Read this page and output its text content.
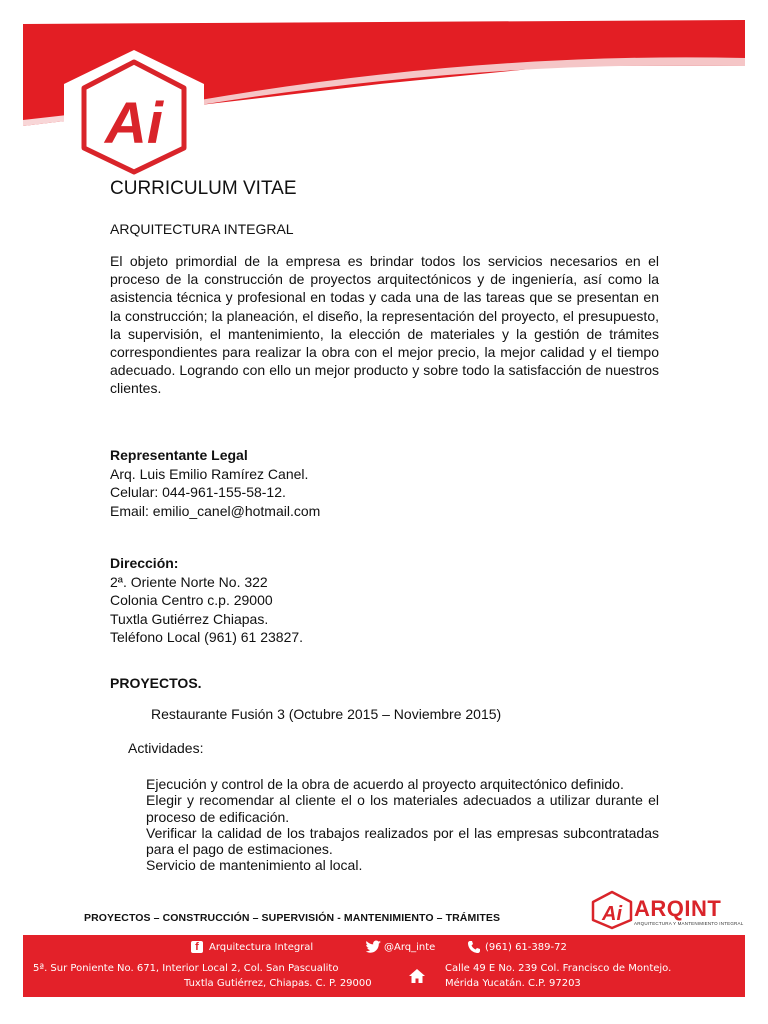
Ai
CURRICULUM VITAE
ARQUITECTURA INTEGRAL
El objeto primordial de la empresa es brindar todos los servicios necesarios en el proceso de la construcción de proyectos arquitectónicos y de ingeniería, así como la asistencia técnica y profesional en todas y cada una de las tareas que se presentan en la construcción; la planeación, el diseño, la representación del proyecto, el presupuesto, la supervisión, el mantenimiento, la elección de materiales y la gestión de trámites correspondientes para realizar la obra con el mejor precio, la mejor calidad y el tiempo adecuado. Logrando con ello un mejor producto y sobre todo la satisfacción de nuestros clientes.
Representante Legal
Arq. Luis Emilio Ramírez Canel.
Celular: 044-961-155-58-12.
Email: emilio_canel@hotmail.com
Dirección:
2ª. Oriente Norte No. 322
Colonia Centro c.p. 29000
Tuxtla Gutiérrez Chiapas.
Teléfono Local (961) 61 23827.
PROYECTOS.
Restaurante Fusión 3 (Octubre 2015 – Noviembre 2015)
Actividades:
Ejecución y control de la obra de acuerdo al proyecto arquitectónico definido.
Elegir y recomendar al cliente el o los materiales adecuados a utilizar durante el proceso de edificación.
Verificar la calidad de los trabajos realizados por el las empresas subcontratadas para el pago de estimaciones.
Servicio de mantenimiento al local.
PROYECTOS – CONSTRUCCIÓN – SUPERVISIÓN - MANTENIMIENTO – TRÁMITES	Ai ARQINT
ARQUITECTURA Y MANTENIMIENTO INTEGRAL
f	Arquitectura Integral	@Arq_inte	(961) 61-389-72
5ª. Sur Poniente No. 671, Interior Local 2, Col. San Pascualito
Tuxtla Gutiérrez, Chiapas. C. P. 29000
Calle 49 E No. 239 Col. Francisco de Montejo.
Mérida Yucatán. C.P. 97203
